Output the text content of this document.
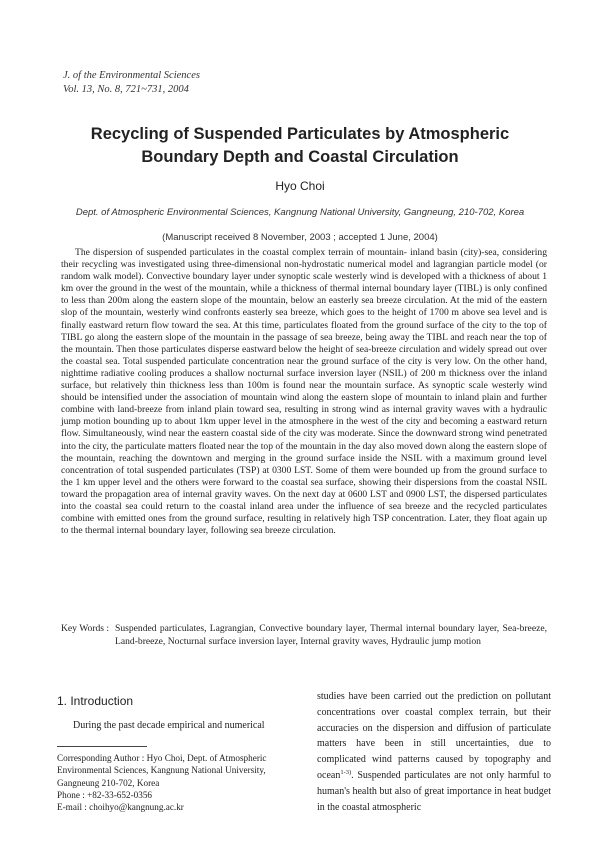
J. of the Environmental Sciences
Vol. 13, No. 8, 721~731, 2004
Recycling of Suspended Particulates by Atmospheric
Boundary Depth and Coastal Circulation
Hyo Choi
Dept. of Atmospheric Environmental Sciences, Kangnung National University, Gangneung, 210-702, Korea
(Manuscript received 8 November, 2003 ; accepted 1 June, 2004)

The dispersion of suspended particulates in the coastal complex terrain of mountain- inland basin (city)-sea, considering their recycling was investigated using three-dimensional non-hydrostatic numerical model and lagrangian particle model (or random walk model). Convective boundary layer under synoptic scale westerly wind is developed with a thickness of about 1 km over the ground in the west of the mountain, while a thickness of thermal internal boundary layer (TIBL) is only confined to less than 200m along the eastern slope of the mountain, below an easterly sea breeze circulation. At the mid of the eastern slop of the mountain, westerly wind confronts easterly sea breeze, which goes to the height of 1700 m above sea level and is finally eastward return flow toward the sea. At this time, particulates floated from the ground surface of the city to the top of TIBL go along the eastern slope of the mountain in the passage of sea breeze, being away the TIBL and reach near the top of the mountain. Then those particulates disperse eastward below the height of sea-breeze circulation and widely spread out over the coastal sea. Total suspended particulate concentration near the ground surface of the city is very low. On the other hand, nighttime radiative cooling produces a shallow nocturnal surface inversion layer (NSIL) of 200 m thickness over the inland surface, but relatively thin thickness less than 100m is found near the mountain surface. As synoptic scale westerly wind should be intensified under the association of mountain wind along the eastern slope of mountain to inland plain and further combine with land-breeze from inland plain toward sea, resulting in strong wind as internal gravity waves with a hydraulic jump motion bounding up to about 1km upper level in the atmosphere in the west of the city and becoming a eastward return flow. Simultaneously, wind near the eastern coastal side of the city was moderate. Since the downward strong wind penetrated into the city, the particulate matters floated near the top of the mountain in the day also moved down along the eastern slope of the mountain, reaching the downtown and merging in the ground surface inside the NSIL with a maximum ground level concentration of total suspended particulates (TSP) at 0300 LST. Some of them were bounded up from the ground surface to the 1 km upper level and the others were forward to the coastal sea surface, showing their dispersions from the coastal NSIL toward the propagation area of internal gravity waves. On the next day at 0600 LST and 0900 LST, the dispersed particulates into the coastal sea could return to the coastal inland area under the influence of sea breeze and the recycled particulates combine with emitted ones from the ground surface, resulting in relatively high TSP concentration. Later, they float again up to the thermal internal boundary layer, following sea breeze circulation.

Key Words : Suspended particulates, Lagrangian, Convective boundary layer, Thermal internal boundary layer, Sea-breeze, Land-breeze, Nocturnal surface inversion layer, Internal gravity waves, Hydraulic jump motion
1. Introduction

During the past decade empirical and numerical

Corresponding Author : Hyo Choi, Dept. of Atmospheric
Environmental Sciences, Kangnung National University,
Gangneung 210-702, Korea
Phone : +82-33-652-0356
E-mail : choihyo@kangnung.ac.kr

studies have been carried out the prediction on pollutant concentrations over coastal complex terrain, but their accuracies on the dispersion and diffusion of particulate matters have been in still uncertainties, due to complicated wind patterns caused by topography and ocean$^{1-3)}$. Suspended particulates are not only harmful to human's health but also of great importance in heat budget in the coastal atmospheric
